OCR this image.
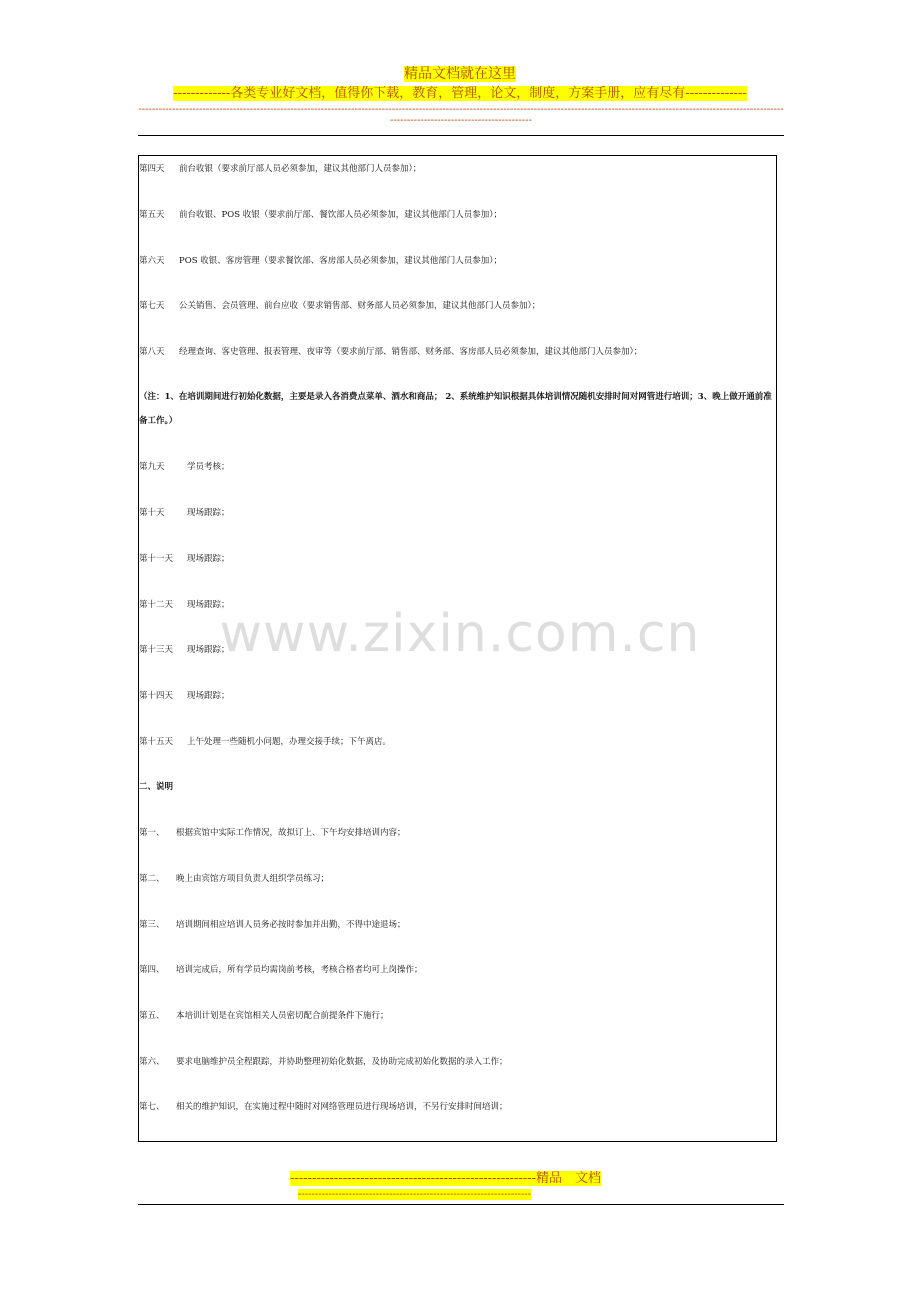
精品文档就在这里
-------------各类专业好文档，值得你下载，教育，管理，论文，制度，方案手册，应有尽有--------------
-----------------------------------------------------------------------------------------------------------------------------------------------------------------------------------------------------------------------------------------
第四天 前台收银（要求前厅部人员必须参加，建议其他部门人员参加）；
第五天 前台收银、POS 收银（要求前厅部、餐饮部人员必须参加，建议其他部门人员参加）；
第六天 POS 收银、客房管理（要求餐饮部、客房部人员必须参加，建议其他部门人员参加）；
第七天 公关销售、会员管理、前台应收（要求销售部、财务部人员必须参加，建议其他部门人员参加）；
第八天 经理查询、客史管理、报表管理、夜审等（要求前厅部、销售部、财务部、客房部人员必须参加，建议其他部门人员参加）；
（注：1、在培训期间进行初始化数据，主要是录入各消费点菜单、酒水和商品； 2、系统维护知识根据具体培训情况随机安排时间对网管进行培训；3、晚上做开通前准备工作。）
第九天	学员考核；
第十天	现场跟踪；
第十一天 现场跟踪；
第十二天 现场跟踪；
第十三天 现场跟踪；
第十四天 现场跟踪；
第十五天 上午处理一些随机小问题，办理交接手续；下午离店。
二、说明
第一、 根据宾馆中实际工作情况，故拟订上、下午均安排培训内容；
第二、 晚上由宾馆方项目负责人组织学员练习；
第三、 培训期间相应培训人员务必按时参加并出勤，不得中途退场；
第四、 培训完成后，所有学员均需岗前考核，考核合格者均可上岗操作；
第五、 本培训计划是在宾馆相关人员密切配合前提条件下施行；
第六、 要求电脑维护员全程跟踪，并协助整理初始化数据，及协助完成初始化数据的录入工作；
第七、 相关的维护知识，在实施过程中随时对网络管理员进行现场培训，不另行安排时间培训；
www.zixin.com.cn
--------------------------------------------------------精品　文档
---------------------------------------------------------------------
